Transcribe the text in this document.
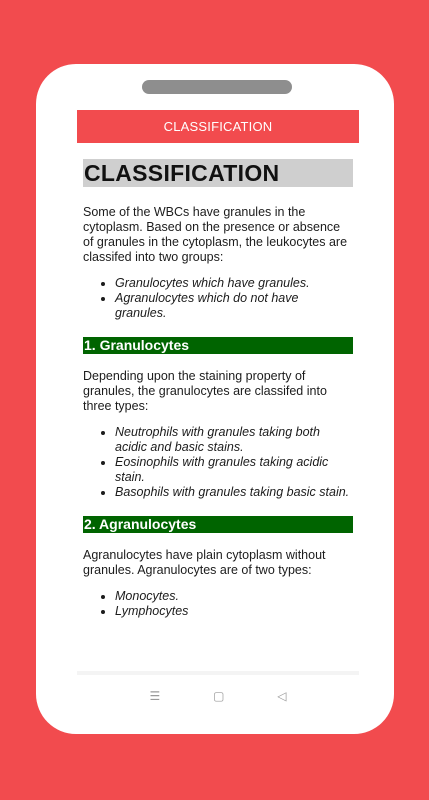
CLASSIFICATION
CLASSIFICATION

Some of the WBCs have granules in the cytoplasm. Based on the presence or absence of granules in the cytoplasm, the leukocytes are classifed into two groups:

• Granulocytes which have granules.
• Agranulocytes which do not have granules.
1. Granulocytes

Depending upon the staining property of granules, the granulocytes are classifed into three types:

• Neutrophils with granules taking both acidic and basic stains.
• Eosinophils with granules taking acidic stain.
• Basophils with granules taking basic stain.
2. Agranulocytes

Agranulocytes have plain cytoplasm without granules. Agranulocytes are of two types:

• Monocytes.
• Lymphocytes
☰	▢	◁
